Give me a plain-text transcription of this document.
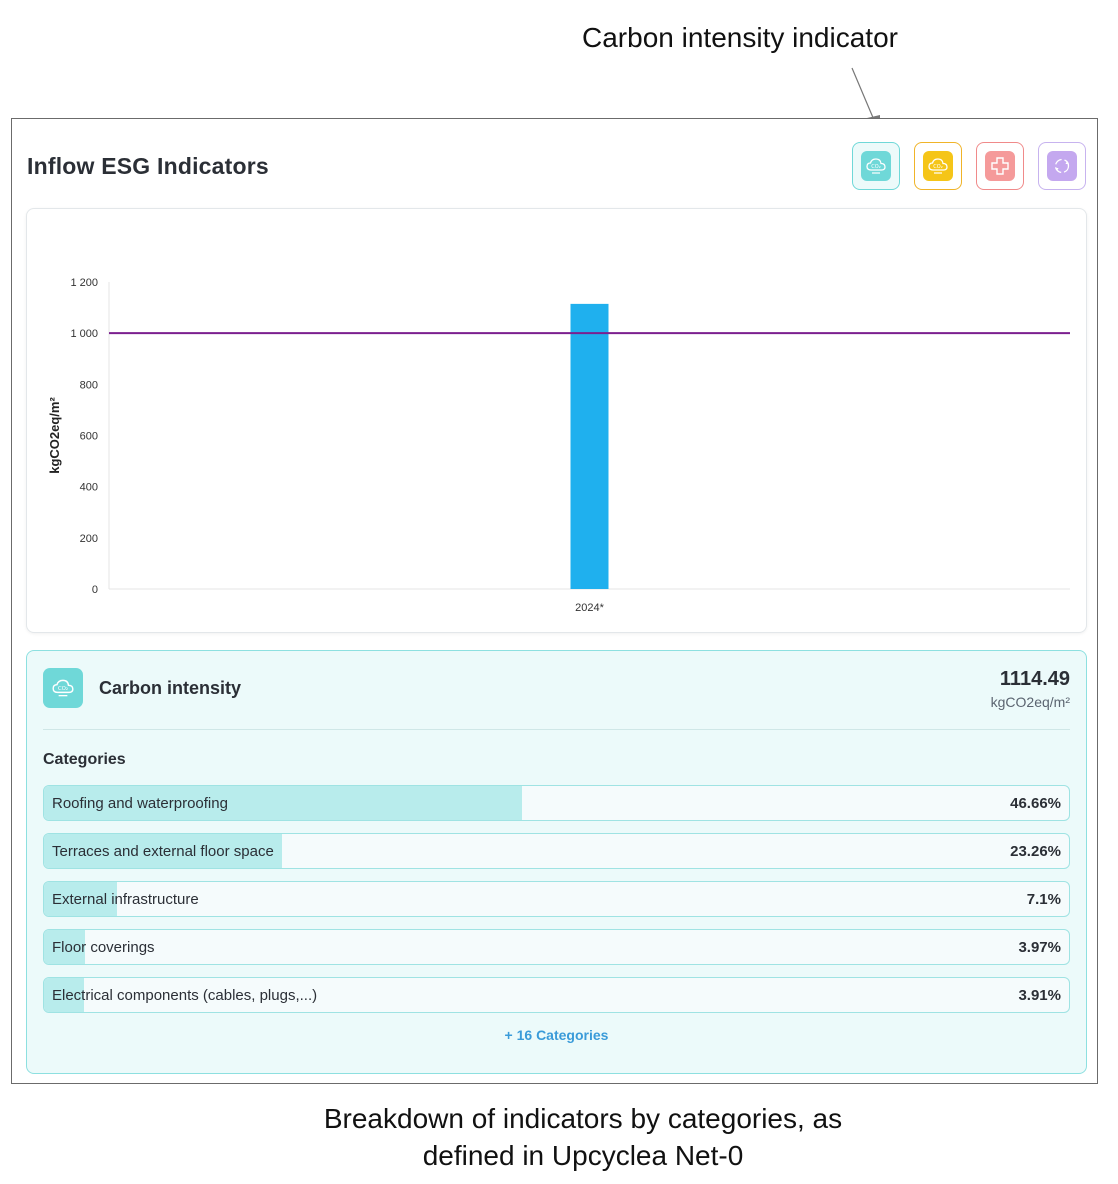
Carbon intensity indicator
Inflow ESG Indicators	CO₂	CO₂
0
200
400
600
800
1 000
1 200
kgCO2eq/m²
2024*
CO₂ Carbon intensity	1114.49
kgCO2eq/m²
Categories
Roofing and waterproofing	46.66%
Terraces and external floor space	23.26%
External infrastructure	7.1%
Floor coverings	3.97%
Electrical components (cables, plugs,...)	3.91%
+ 16 Categories
Breakdown of indicators by categories, as
defined in Upcyclea Net-0
